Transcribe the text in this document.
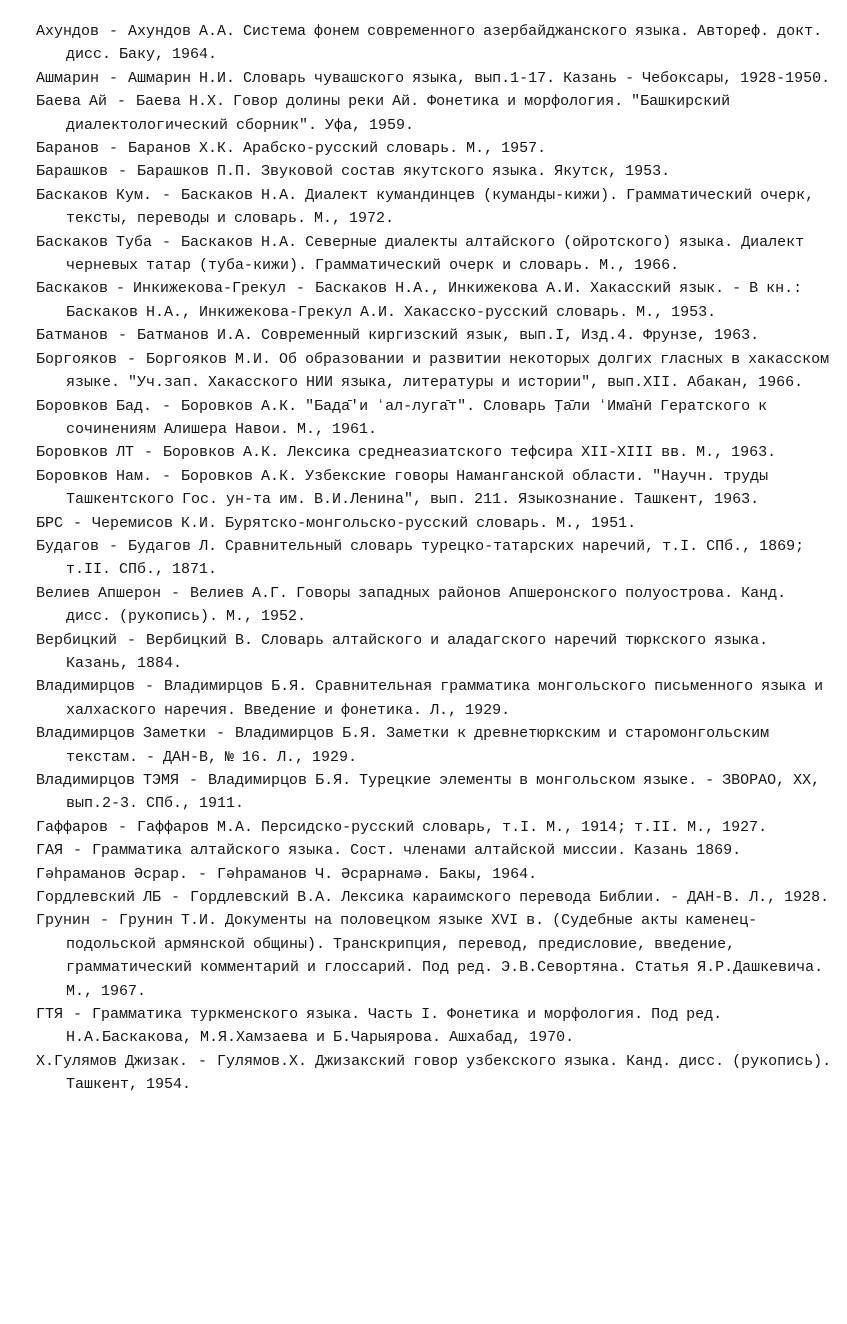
Ахундов - Ахундов А.А. Система фонем современного азербайджанского языка. Автореф. докт. дисс. Баку, 1964.
Ашмарин - Ашмарин Н.И. Словарь чувашского языка, вып.1-17. Казань - Чебоксары, 1928-1950.
Баева Ай - Баева Н.Х. Говор долины реки Ай. Фонетика и морфология. "Башкирский диалектологический сборник". Уфа, 1959.
Баранов - Баранов Х.К. Арабско-русский словарь. М., 1957.
Барашков - Барашков П.П. Звуковой состав якутского языка. Якутск, 1953.
Баскаков Кум. - Баскаков Н.А. Диалект кумандинцев (куманды-кижи). Грамматический очерк, тексты, переводы и словарь. М., 1972.
Баскаков Туба - Баскаков Н.А. Северные диалекты алтайского (ойротского) языка. Диалект черневых татар (туба-кижи). Грамматический очерк и словарь. М., 1966.
Баскаков - Инкижекова-Грекул - Баскаков Н.А., Инкижекова А.И. Хакасский язык. - В кн.: Баскаков Н.А., Инкижекова-Грекул А.И. Хакасско-русский словарь. М., 1953.
Батманов - Батманов И.А. Современный киргизский язык, вып.I, Изд.4. Фрунзе, 1963.
Боргояков - Боргояков М.И. Об образовании и развитии некоторых долгих гласных в хакасском языке. "Уч.зап. Хакасского НИИ языка, литературы и истории", вып.XII. Абакан, 1966.
Боровков Бад. - Боровков А.К. "Бада̄'и ʻал-луга̄т". Словарь Т̣а̄ли ʻИма̄нӣ Гератского к сочинениям Алишера Навои. М., 1961.
Боровков ЛТ - Боровков А.К. Лексика среднеазиатского тефсира XII-XIII вв. М., 1963.
Боровков Нам. - Боровков А.К. Узбекские говоры Наманганской области. "Научн. труды Ташкентского Гос. ун-та им. В.И.Ленина", вып. 211. Языкознание. Ташкент, 1963.
БРС - Черемисов К.И. Бурятско-монгольско-русский словарь. М., 1951.
Будагов - Будагов Л. Сравнительный словарь турецко-татарских наречий, т.I. СПб., 1869; т.II. СПб., 1871.
Велиев Апшерон - Велиев А.Г. Говоры западных районов Апшеронского полуострова. Канд. дисс. (рукопись). М., 1952.
Вербицкий - Вербицкий В. Словарь алтайского и аладагского наречий тюркского языка. Казань, 1884.
Владимирцов - Владимирцов Б.Я. Сравнительная грамматика монгольского письменного языка и халхаского наречия. Введение и фонетика. Л., 1929.
Владимирцов Заметки - Владимирцов Б.Я. Заметки к древнетюркским и старомонгольским текстам. - ДАН-В, № 16. Л., 1929.
Владимирцов ТЭМЯ - Владимирцов Б.Я. Турецкие элементы в монгольском языке. - ЗВОРАО, XX, вып.2-3. СПб., 1911.
Гаффаров - Гаффаров М.А. Персидско-русский словарь, т.I. М., 1914; т.II. М., 1927.
ГАЯ - Грамматика алтайского языка. Сост. членами алтайской миссии. Казань 1869.
Гәһраманов Әсрар. - Гәһраманов Ч. Әсрарнамә. Бакы, 1964.
Гордлевский ЛБ - Гордлевский В.А. Лексика караимского перевода Библии. - ДАН-В. Л., 1928.
Грунин - Грунин Т.И. Документы на половецком языке XVI в. (Судебные акты каменец-подольской армянской общины). Транскрипция, перевод, предисловие, введение, грамматический комментарий и глоссарий. Под ред. Э.В.Севортяна. Статья Я.Р.Дашкевича. М., 1967.
ГТЯ - Грамматика туркменского языка. Часть I. Фонетика и морфология. Под ред. Н.А.Баскакова, М.Я.Хамзаева и Б.Чарыярова. Ашхабад, 1970.
Х.Гулямов Джизак. - Гулямов.Х. Джизакский говор узбекского языка. Канд. дисс. (рукопись). Ташкент, 1954.
